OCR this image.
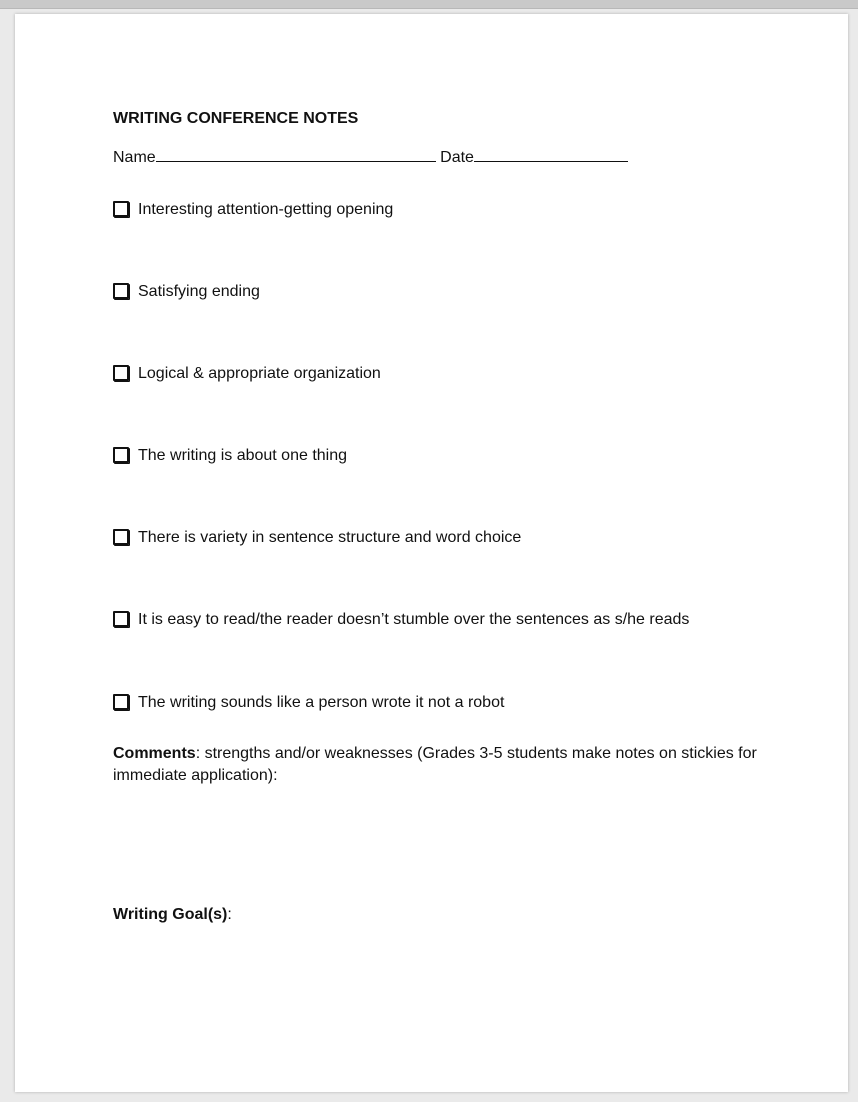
WRITING CONFERENCE NOTES
Name	Date
Interesting attention-getting opening
Satisfying ending
Logical & appropriate organization
The writing is about one thing
There is variety in sentence structure and word choice
It is easy to read/the reader doesn’t stumble over the sentences as s/he reads
The writing sounds like a person wrote it not a robot
Comments: strengths and/or weaknesses (Grades 3-5 students make notes on stickies for immediate application):
Writing Goal(s):
